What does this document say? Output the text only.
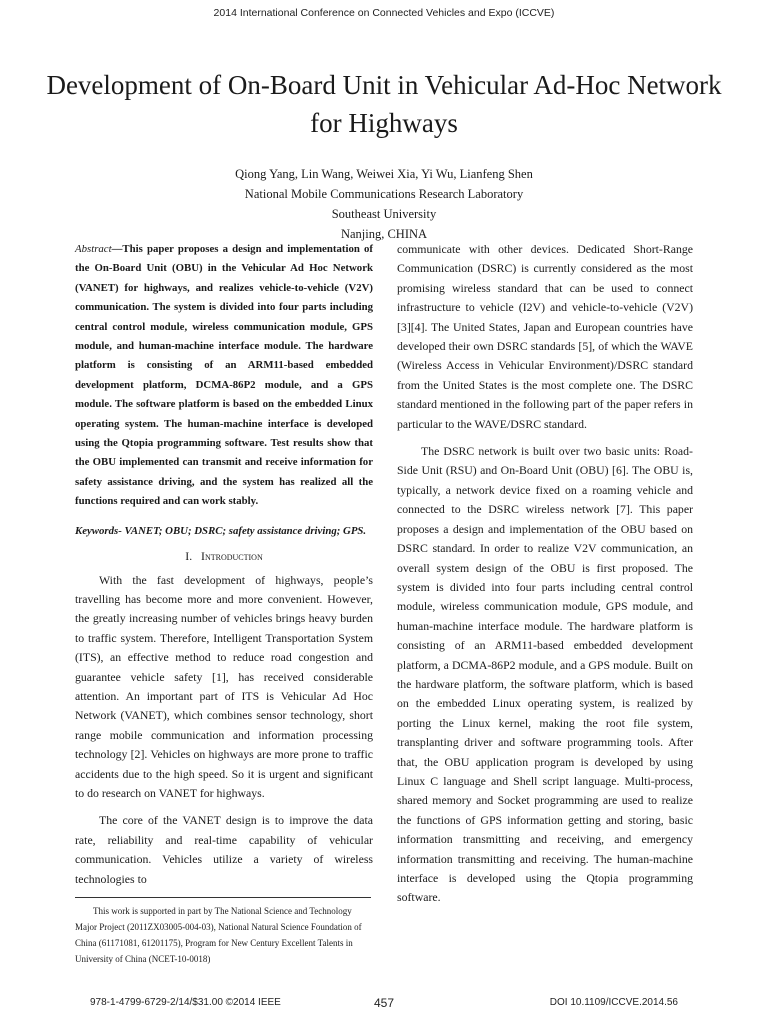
2014 International Conference on Connected Vehicles and Expo (ICCVE)
Development of On-Board Unit in Vehicular Ad-Hoc Network for Highways
Qiong Yang, Lin Wang, Weiwei Xia, Yi Wu, Lianfeng Shen
National Mobile Communications Research Laboratory
Southeast University
Nanjing, CHINA

Abstract—This paper proposes a design and implementation of the On-Board Unit (OBU) in the Vehicular Ad Hoc Network (VANET) for highways, and realizes vehicle-to-vehicle (V2V) communication. The system is divided into four parts including central control module, wireless communication module, GPS module, and human-machine interface module. The hardware platform is consisting of an ARM11-based embedded development platform, DCMA-86P2 module, and a GPS module. The software platform is based on the embedded Linux operating system. The human-machine interface is developed using the Qtopia programming software. Test results show that the OBU implemented can transmit and receive information for safety assistance driving, and the system has realized all the functions required and can work stably.

Keywords- VANET; OBU; DSRC; safety assistance driving; GPS.

I. Introduction

With the fast development of highways, people’s travelling has become more and more convenient. However, the greatly increasing number of vehicles brings heavy burden to traffic system. Therefore, Intelligent Transportation System (ITS), an effective method to reduce road congestion and guarantee vehicle safety [1], has received considerable attention. An important part of ITS is Vehicular Ad Hoc Network (VANET), which combines sensor technology, short range mobile communication and information processing technology [2]. Vehicles on highways are more prone to traffic accidents due to the high speed. So it is urgent and significant to do research on VANET for highways.

The core of the VANET design is to improve the data rate, reliability and real-time capability of vehicular communication. Vehicles utilize a variety of wireless technologies to

communicate with other devices. Dedicated Short-Range Communication (DSRC) is currently considered as the most promising wireless standard that can be used to connect infrastructure to vehicle (I2V) and vehicle-to-vehicle (V2V) [3][4]. The United States, Japan and European countries have developed their own DSRC standards [5], of which the WAVE (Wireless Access in Vehicular Environment)/DSRC standard from the United States is the most complete one. The DSRC standard mentioned in the following part of the paper refers in particular to the WAVE/DSRC standard.

The DSRC network is built over two basic units: Road-Side Unit (RSU) and On-Board Unit (OBU) [6]. The OBU is, typically, a network device fixed on a roaming vehicle and connected to the DSRC wireless network [7]. This paper proposes a design and implementation of the OBU based on DSRC standard. In order to realize V2V communication, an overall system design of the OBU is first proposed. The system is divided into four parts including central control module, wireless communication module, GPS module, and human-machine interface module. The hardware platform is consisting of an ARM11-based embedded development platform, a DCMA-86P2 module, and a GPS module. Built on the hardware platform, the software platform, which is based on the embedded Linux operating system, is realized by porting the Linux kernel, making the root file system, transplanting driver and software programming tools. After that, the OBU application program is developed by using Linux C language and Shell script language. Multi-process, shared memory and Socket programming are used to realize the functions of GPS information getting and storing, basic information transmitting and receiving, and emergency information transmitting and receiving. The human-machine interface is developed using the Qtopia programming software.

This work is supported in part by The National Science and Technology Major Project (2011ZX03005-004-03), National Natural Science Foundation of China (61171081, 61201175), Program for New Century Excellent Talents in University of China (NCET-10-0018)
978-1-4799-6729-2/14/$31.00 ©2014 IEEE	457	DOI 10.1109/ICCVE.2014.56
